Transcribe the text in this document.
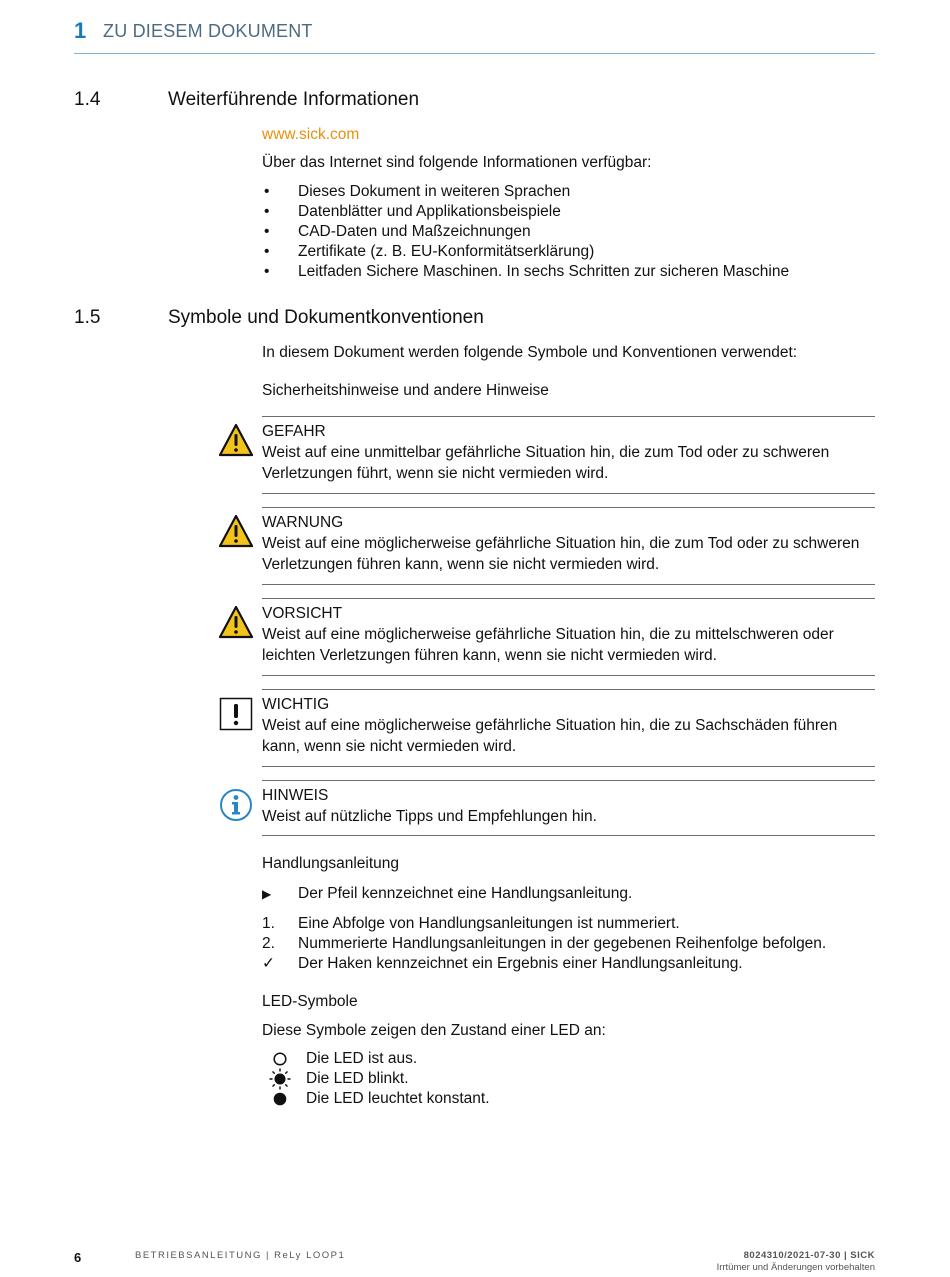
1 ZU DIESEM DOKUMENT
1.4	Weiterführende Informationen
www.sick.com
Über das Internet sind folgende Informationen verfügbar:
• Dieses Dokument in weiteren Sprachen
• Datenblätter und Applikationsbeispiele
• CAD-Daten und Maßzeichnungen
• Zertifikate (z. B. EU-Konformitätserklärung)
• Leitfaden Sichere Maschinen. In sechs Schritten zur sicheren Maschine
1.5	Symbole und Dokumentkonventionen
In diesem Dokument werden folgende Symbole und Konventionen verwendet:
Sicherheitshinweise und andere Hinweise
GEFAHR
Weist auf eine unmittelbar gefährliche Situation hin, die zum Tod oder zu schweren Verletzungen führt, wenn sie nicht vermieden wird.
WARNUNG
Weist auf eine möglicherweise gefährliche Situation hin, die zum Tod oder zu schweren Verletzungen führen kann, wenn sie nicht vermieden wird.
VORSICHT
Weist auf eine möglicherweise gefährliche Situation hin, die zu mittelschweren oder leichten Verletzungen führen kann, wenn sie nicht vermieden wird.
WICHTIG
Weist auf eine möglicherweise gefährliche Situation hin, die zu Sachschäden führen kann, wenn sie nicht vermieden wird.
HINWEIS
Weist auf nützliche Tipps und Empfehlungen hin.
Handlungsanleitung
▶ Der Pfeil kennzeichnet eine Handlungsanleitung.
1. Eine Abfolge von Handlungsanleitungen ist nummeriert.
2. Nummerierte Handlungsanleitungen in der gegebenen Reihenfolge befolgen.
✓ Der Haken kennzeichnet ein Ergebnis einer Handlungsanleitung.
LED-Symbole
Diese Symbole zeigen den Zustand einer LED an:
Die LED ist aus.
Die LED blinkt.
Die LED leuchtet konstant.
6	BETRIEBSANLEITUNG | ReLy LOOP1	8024310/2021-07-30 | SICK
Irrtümer und Änderungen vorbehalten
